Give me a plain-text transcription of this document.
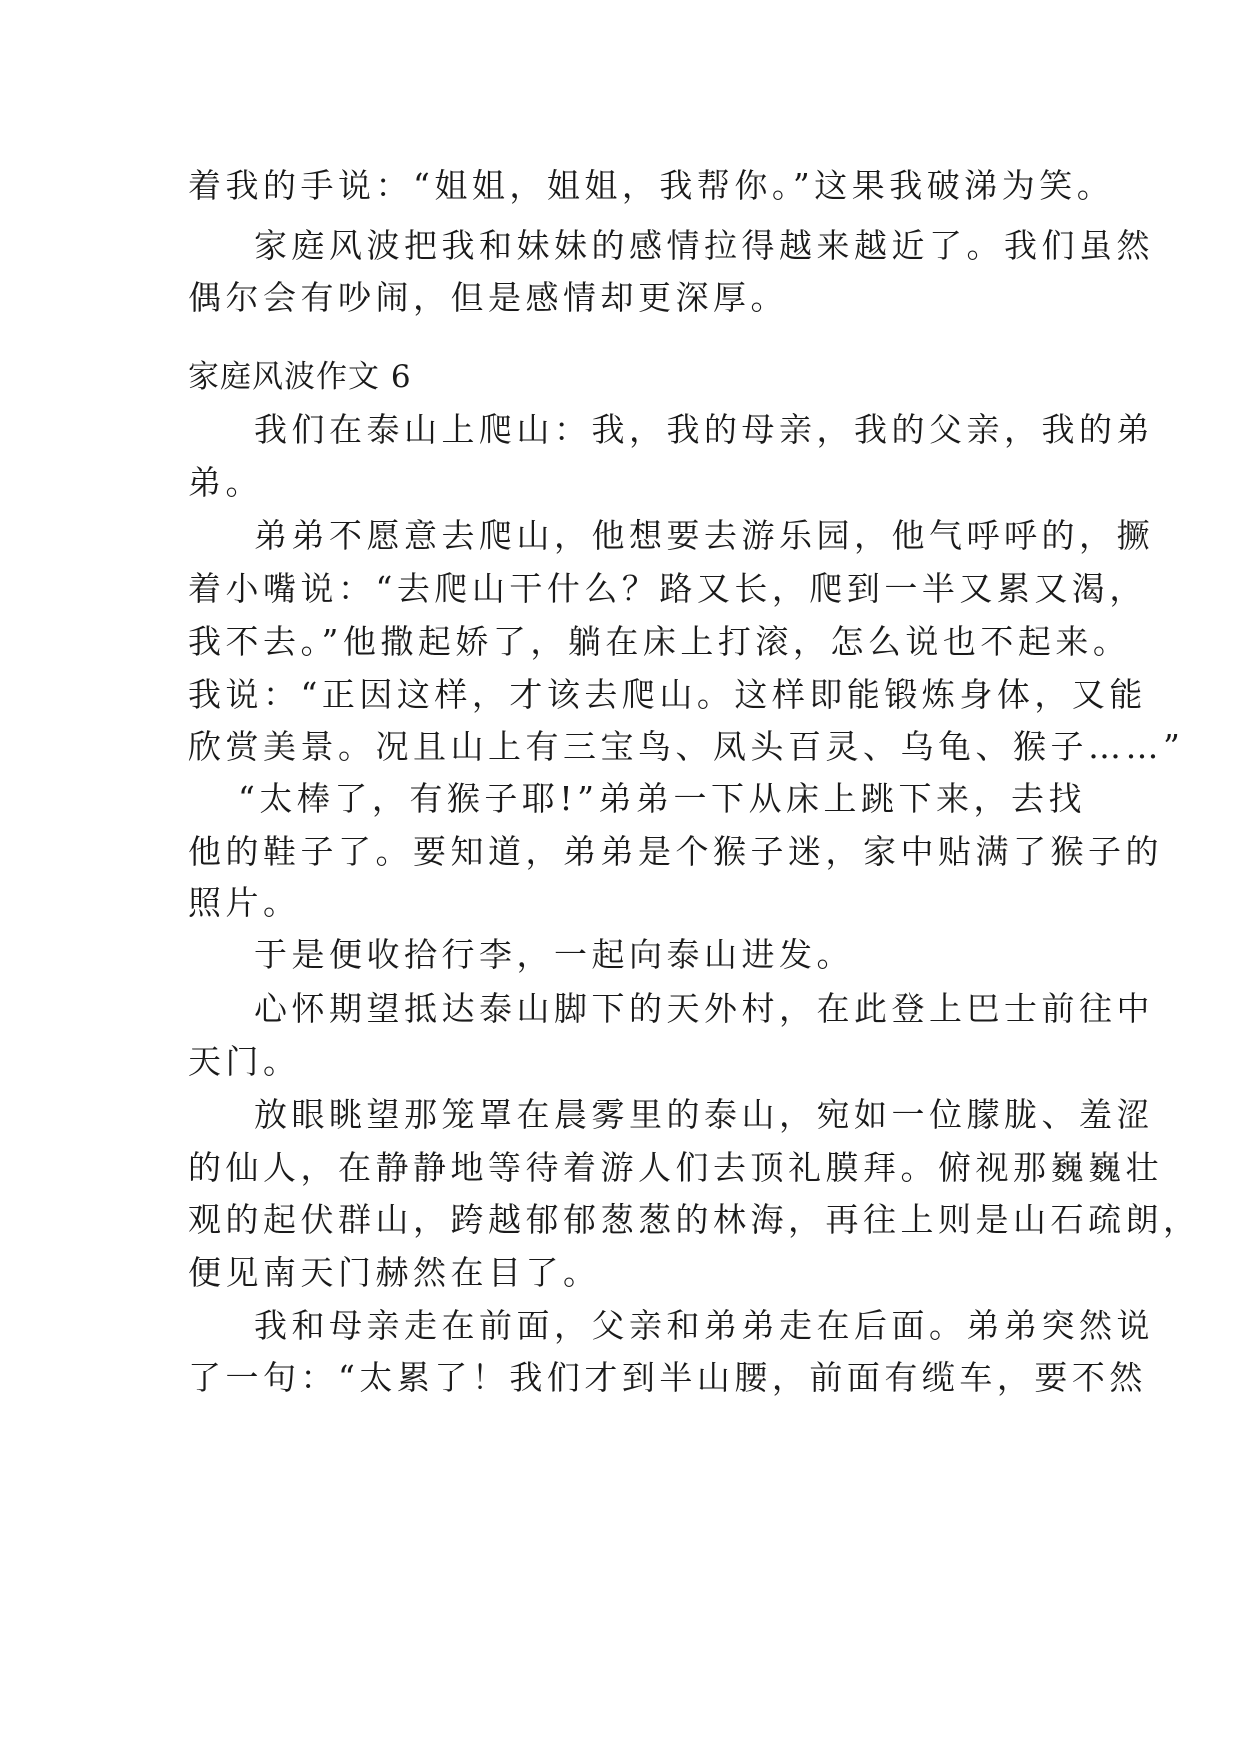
着我的手说：“姐姐，姐姐，我帮你。”这果我破涕为笑。
家庭风波把我和妹妹的感情拉得越来越近了。我们虽然
偶尔会有吵闹，但是感情却更深厚。
家庭风波作文 6
我们在泰山上爬山：我，我的母亲，我的父亲，我的弟
弟。
弟弟不愿意去爬山，他想要去游乐园，他气呼呼的，撅
着小嘴说：“去爬山干什么？路又长，爬到一半又累又渴，
我不去。”他撒起娇了，躺在床上打滚，怎么说也不起来。
我说：“正因这样，才该去爬山。这样即能锻炼身体，又能
欣赏美景。况且山上有三宝鸟、凤头百灵、乌龟、猴子……”
“太棒了，有猴子耶!”弟弟一下从床上跳下来，去找
他的鞋子了。要知道，弟弟是个猴子迷，家中贴满了猴子的
照片。
于是便收拾行李，一起向泰山进发。
心怀期望抵达泰山脚下的天外村，在此登上巴士前往中
天门。
放眼眺望那笼罩在晨雾里的泰山，宛如一位朦胧、羞涩
的仙人，在静静地等待着游人们去顶礼膜拜。俯视那巍巍壮
观的起伏群山，跨越郁郁葱葱的林海，再往上则是山石疏朗，
便见南天门赫然在目了。
我和母亲走在前面，父亲和弟弟走在后面。弟弟突然说
了一句：“太累了！我们才到半山腰，前面有缆车，要不然
